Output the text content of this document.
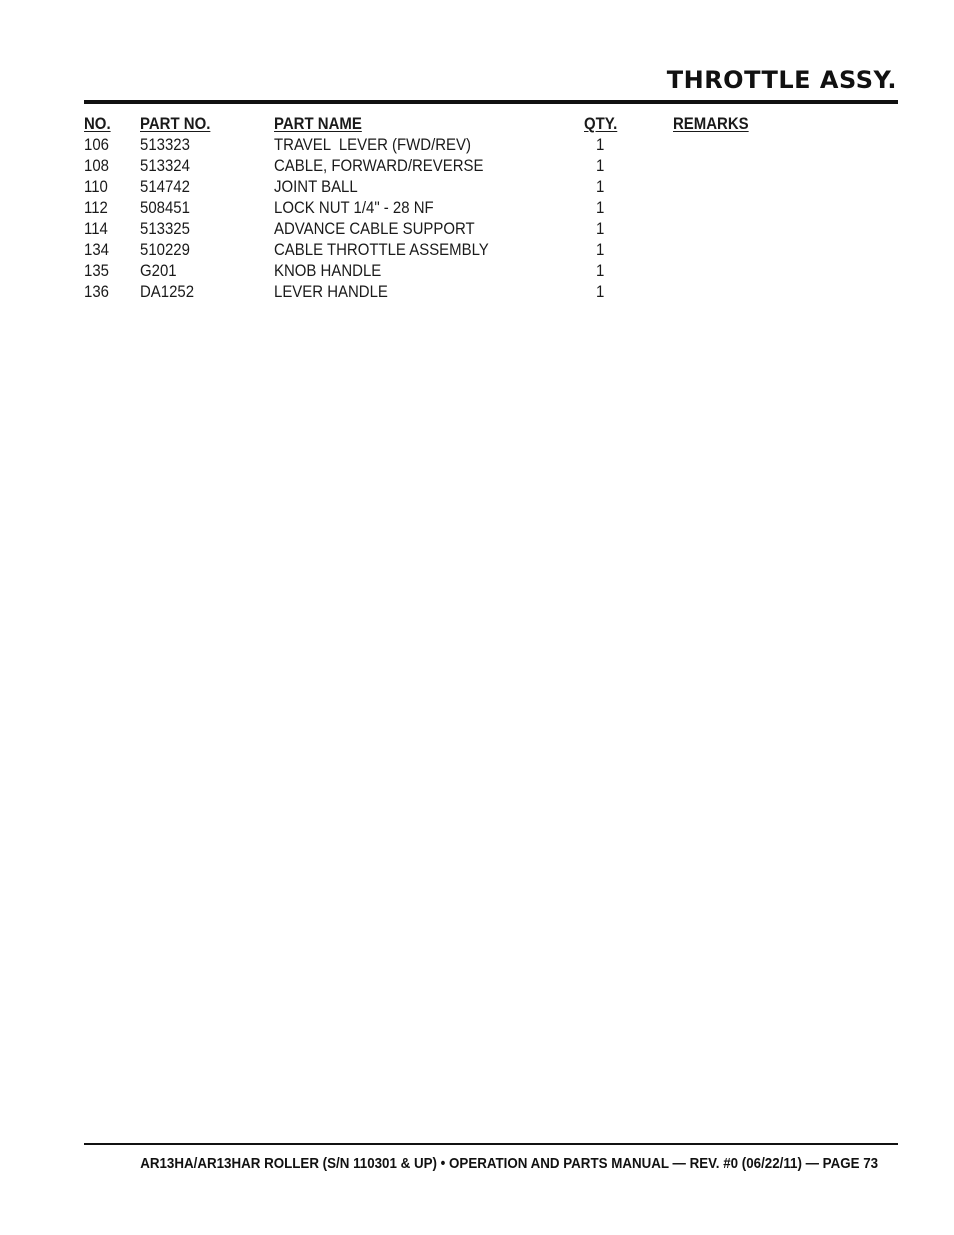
THROTTLE ASSY.
NO. PART NO.	PART NAME	QTY.	REMARKS
106 513323	TRAVEL  LEVER (FWD/REV)	1
108 513324	CABLE, FORWARD/REVERSE	1
110 514742	JOINT BALL	1
112 508451	LOCK NUT 1/4" - 28 NF	1
114 513325	ADVANCE CABLE SUPPORT	1
134 510229	CABLE THROTTLE ASSEMBLY	1
135 G201	KNOB HANDLE	1
136 DA1252	LEVER HANDLE	1
AR13HA/AR13HAR ROLLER (S/N 110301 & UP) • OPERATION AND PARTS MANUAL — REV. #0 (06/22/11) — PAGE 73
